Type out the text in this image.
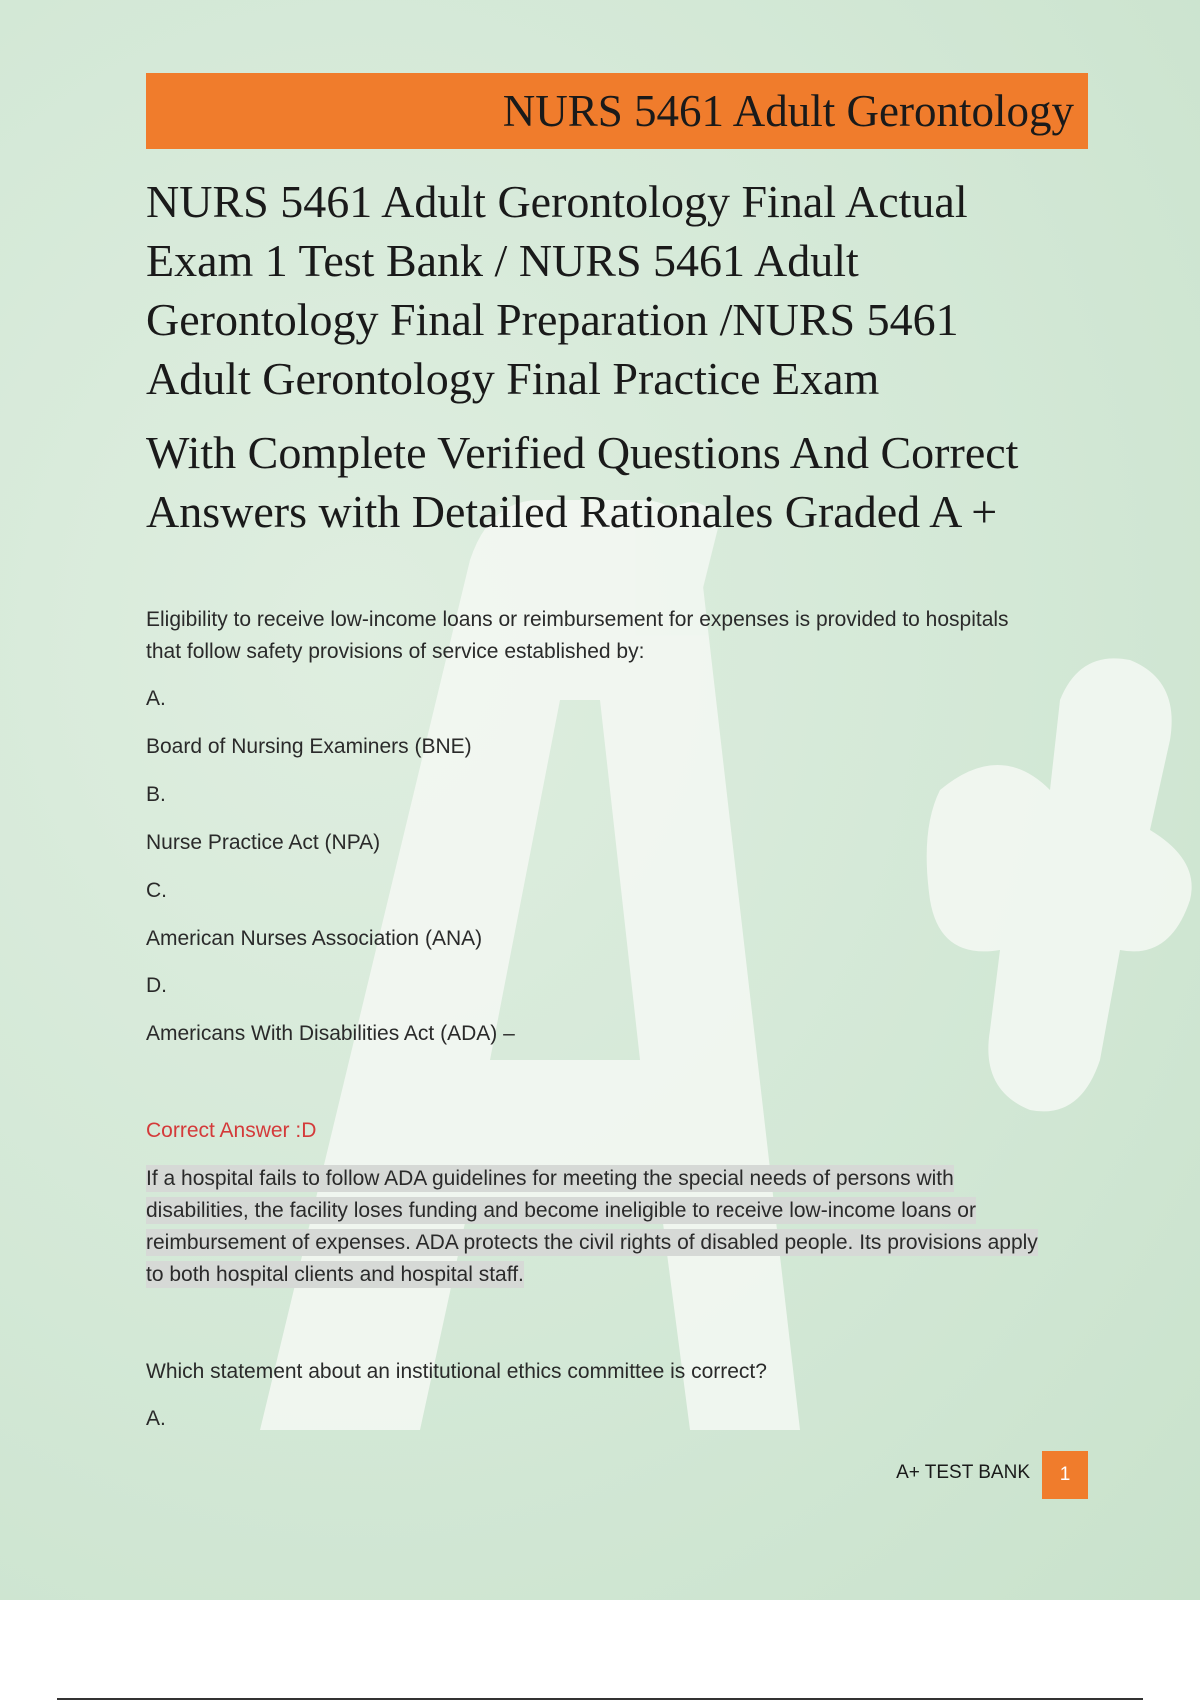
NURS 5461 Adult Gerontology
NURS 5461 Adult Gerontology Final Actual
Exam 1 Test Bank / NURS 5461 Adult
Gerontology Final Preparation /NURS 5461
Adult Gerontology Final Practice Exam
With Complete Verified Questions And Correct
Answers with Detailed Rationales Graded A +
Eligibility to receive low-income loans or reimbursement for expenses is provided to hospitals
that follow safety provisions of service established by:
A.
Board of Nursing Examiners (BNE)
B.
Nurse Practice Act (NPA)
C.
American Nurses Association (ANA)
D.
Americans With Disabilities Act (ADA) –
Correct Answer :D
If a hospital fails to follow ADA guidelines for meeting the special needs of persons with
disabilities, the facility loses funding and become ineligible to receive low-income loans or
reimbursement of expenses. ADA protects the civil rights of disabled people. Its provisions apply
to both hospital clients and hospital staff.
Which statement about an institutional ethics committee is correct?
A.
A+ TEST BANK	1
